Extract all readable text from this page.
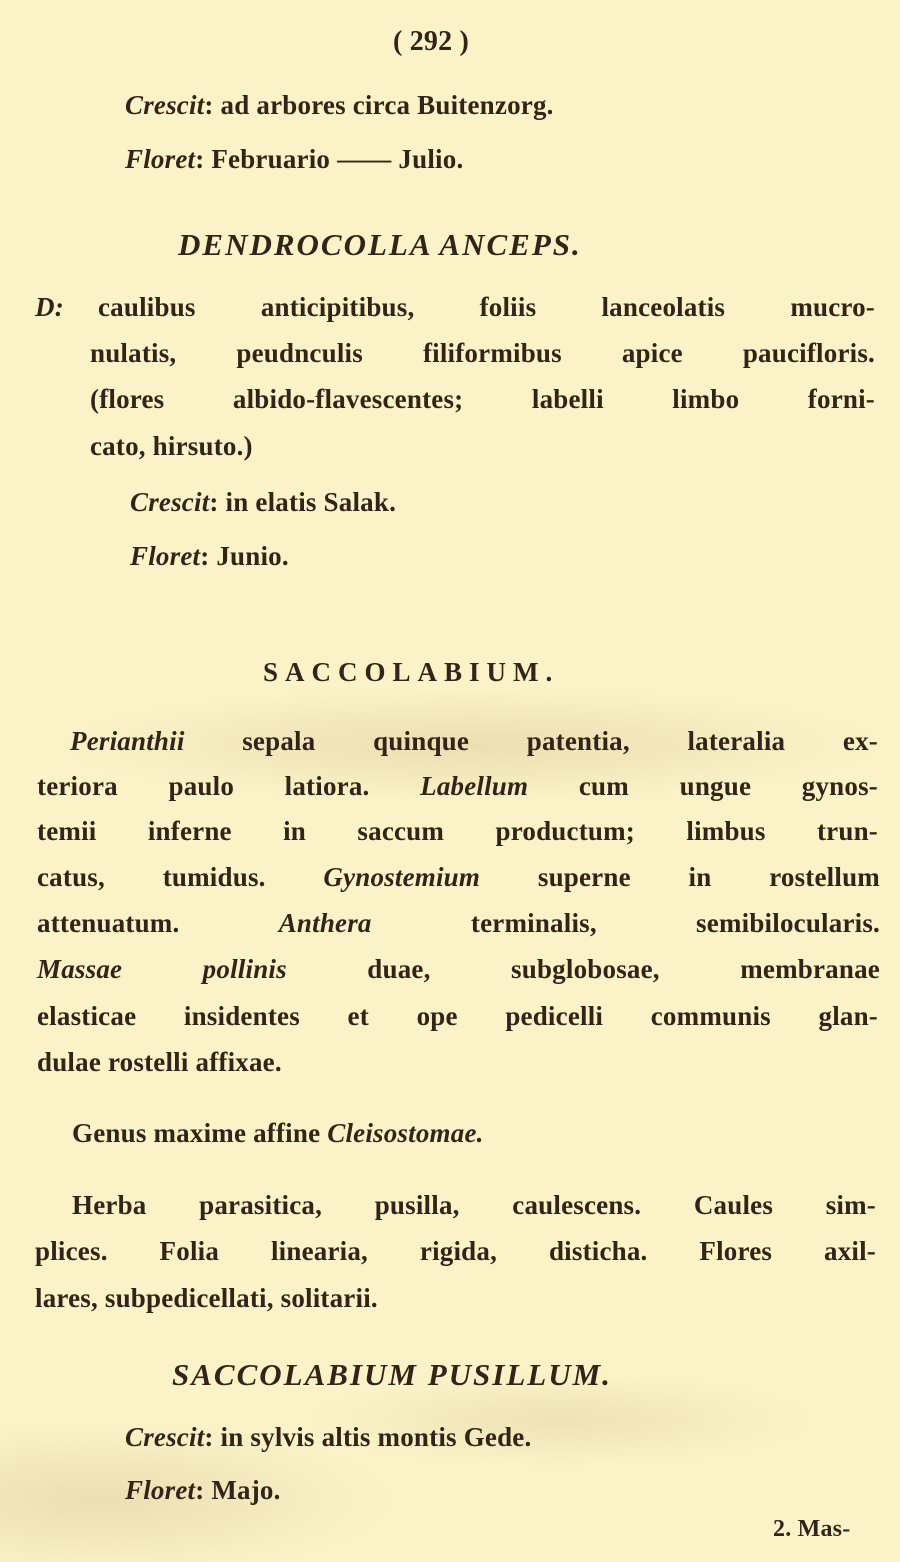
( 292 )
Crescit: ad arbores circa Buitenzorg.
Floret: Februario —— Julio.
DENDROCOLLA ANCEPS.
D: caulibus anticipitibus, foliis lanceolatis mucro-
nulatis, peudnculis filiformibus apice paucifloris.
(flores albido-flavescentes; labelli limbo forni-
cato, hirsuto.)
Crescit: in elatis Salak.
Floret: Junio.
SACCOLABIUM.
Perianthii sepala quinque patentia, lateralia ex-
teriora paulo latiora. Labellum cum ungue gynos-
temii inferne in saccum productum; limbus trun-
catus, tumidus. Gynostemium superne in rostellum
attenuatum. Anthera terminalis, semibilocularis.
Massae pollinis duae, subglobosae, membranae
elasticae insidentes et ope pedicelli communis glan-
dulae rostelli affixae.
Genus maxime affine Cleisostomae.
Herba parasitica, pusilla, caulescens. Caules sim-
plices. Folia linearia, rigida, disticha. Flores axil-
lares, subpedicellati, solitarii.
SACCOLABIUM PUSILLUM.
Crescit: in sylvis altis montis Gede.
Floret: Majo.
2. Mas-
